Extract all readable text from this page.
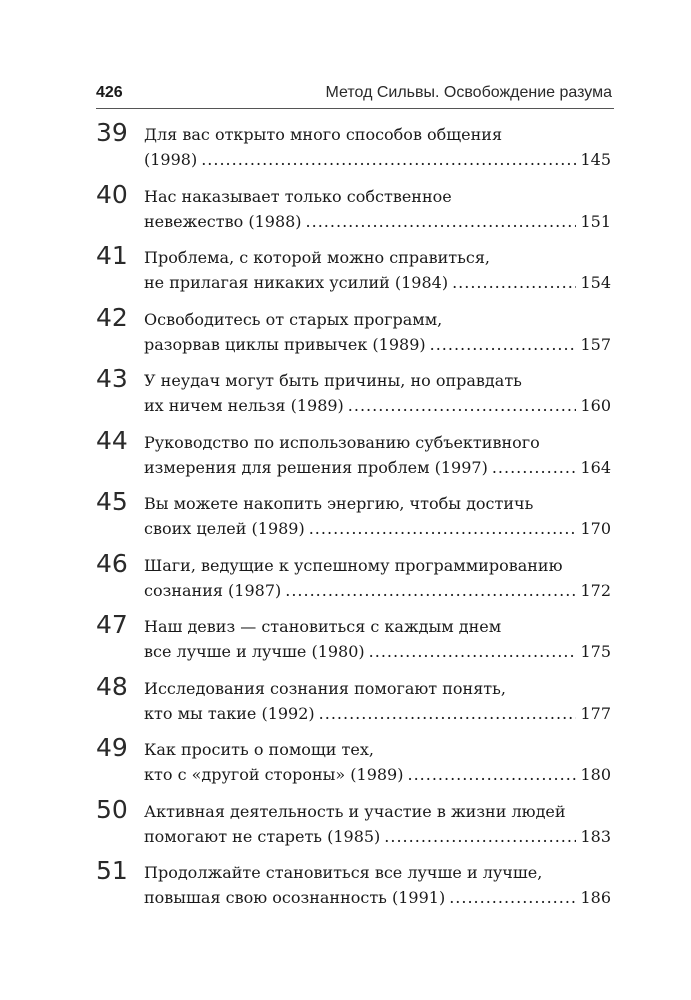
426	Метод Сильвы. Освобождение разума
39 Для вас открыто много способов общения
(1998) .....	145
40 Нас наказывает только собственное
невежество (1988) .....	151
41 Проблема, с которой можно справиться,
не прилагая никаких усилий (1984) .....	154
42 Освободитесь от старых программ,
разорвав циклы привычек (1989) .....	157
43 У неудач могут быть причины, но оправдать
их ничем нельзя (1989) .....	160
44 Руководство по использованию субъективного
измерения для решения проблем (1997) .....	164
45 Вы можете накопить энергию, чтобы достичь
своих целей (1989) .....	170
46 Шаги, ведущие к успешному программированию
сознания (1987) .....	172
47 Наш девиз — становиться с каждым днем
все лучше и лучше (1980) .....	175
48 Исследования сознания помогают понять,
кто мы такие (1992) .....	177
49 Как просить о помощи тех,
кто с «другой стороны» (1989) .....	180
50 Активная деятельность и участие в жизни людей
помогают не стареть (1985) .....	183
51 Продолжайте становиться все лучше и лучше,
повышая свою осознанность (1991) .....	186
